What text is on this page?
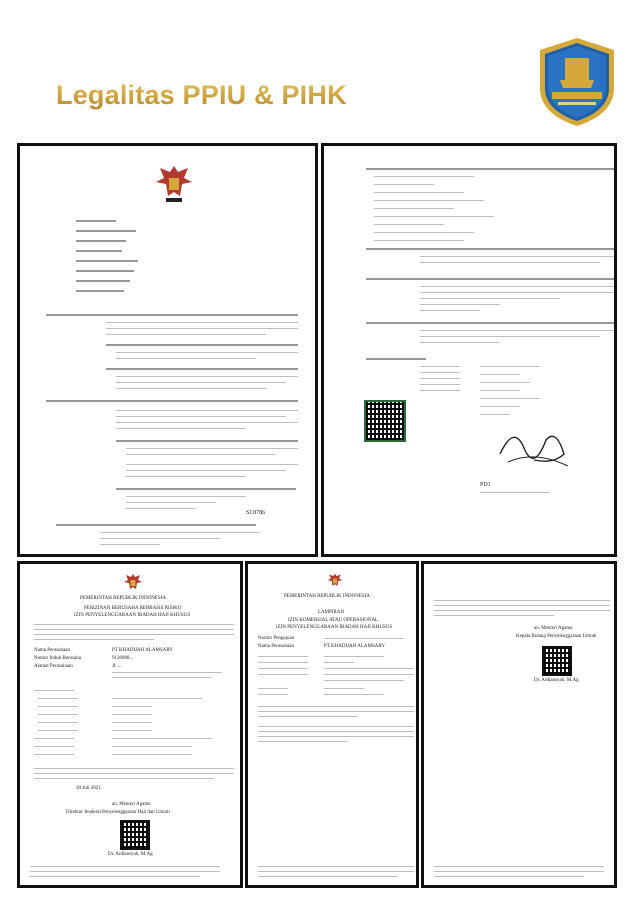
Legalitas PPIU & PIHK
SJ.8786
PD1
PEMERINTAH REPUBLIK INDONESIA
PERIZINAN BERUSAHA BERBASIS RISIKO
IZIN PENYELENGGARAAN IBADAH HAJI KHUSUS
Nama Perusahaan	PT KHADIJAH ALAMSARY
Nomor Induk Berusaha	9120008...
Alamat Perusahaan	Jl. ...
30 Juli 2021
an. Menteri Agama
Direktur Jenderal Penyelenggaraan Haji dan Umrah
Dr. Ardiansyah, M.Ag
PEMERINTAH REPUBLIK INDONESIA
LAMPIRAN
IZIN KOMERSIAL ATAU OPERASIONAL
IZIN PENYELENGGARAAN IBADAH HAJI KHUSUS
Nomor Pengajuan
Nama Perusahaan	PT KHADIJAH ALAMSARY
an. Menteri Agama
Kepala Bidang Penyelenggaraan Umrah
Dr. Ardiansyah, M.Ag
